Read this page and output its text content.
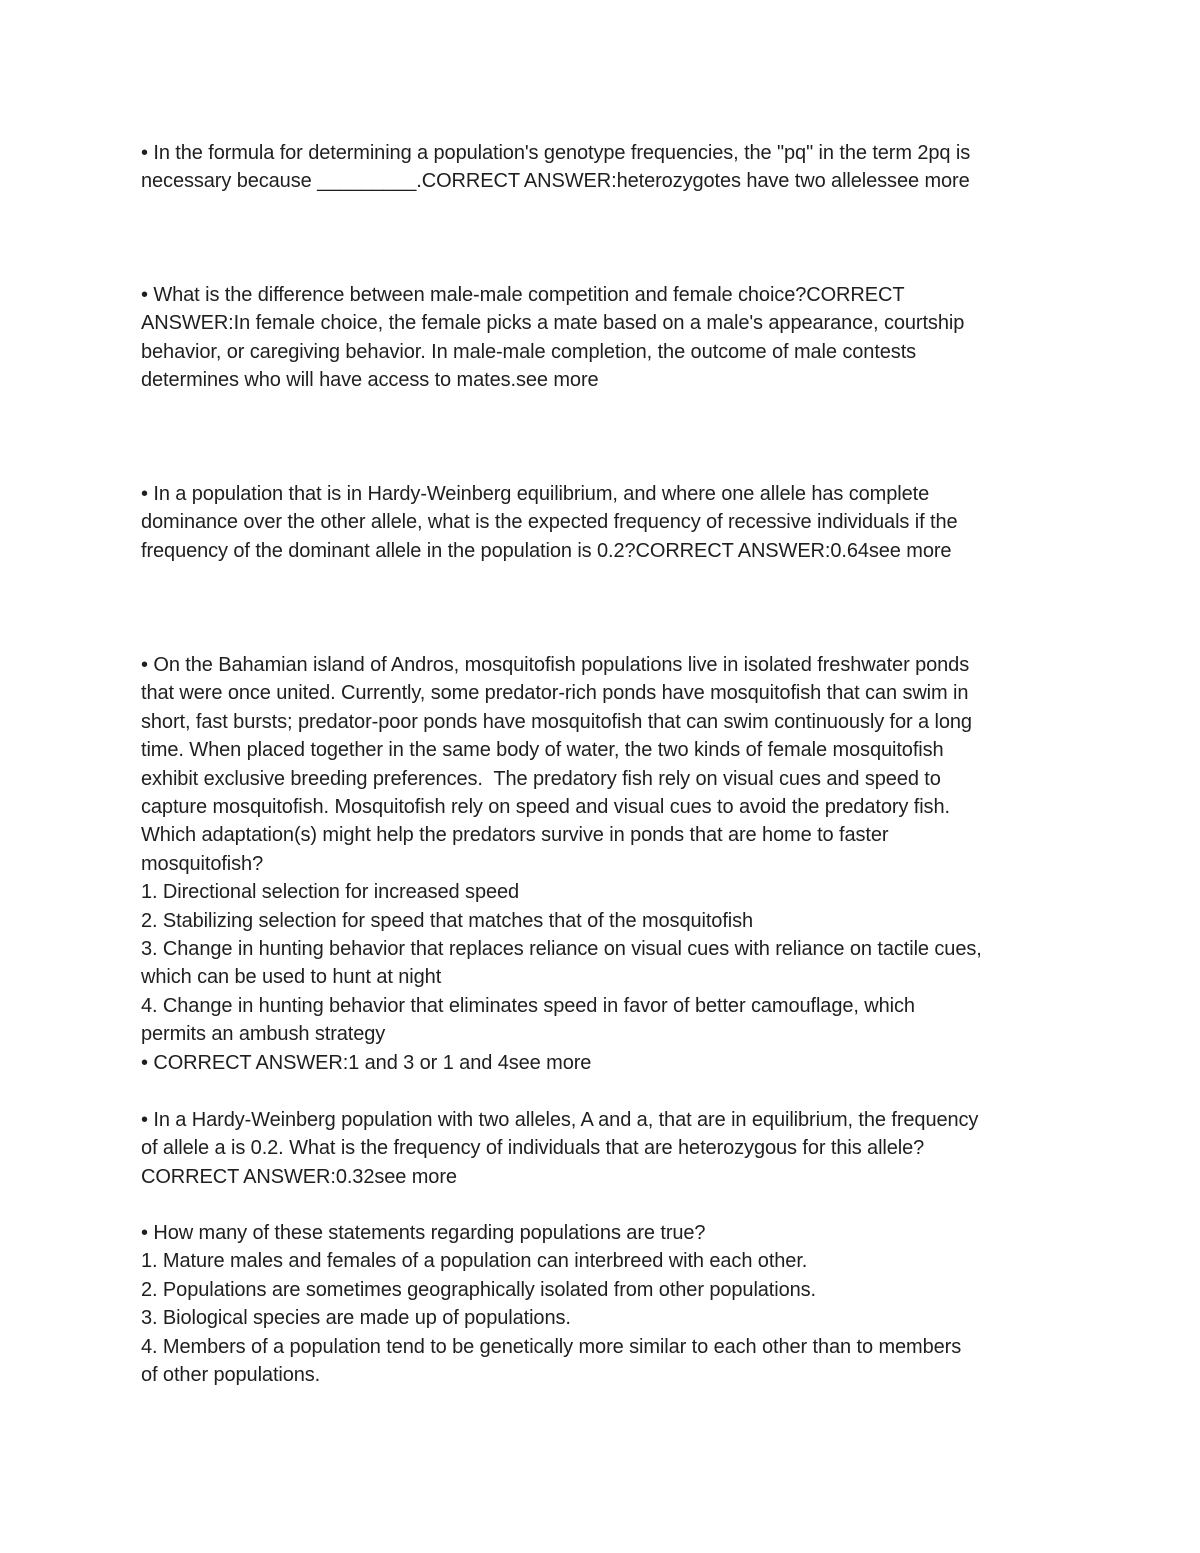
• In the formula for determining a population's genotype frequencies, the "pq" in the term 2pq is
necessary because _________.CORRECT ANSWER:heterozygotes have two allelessee more
• What is the difference between male-male competition and female choice?CORRECT
ANSWER:In female choice, the female picks a mate based on a male's appearance, courtship
behavior, or caregiving behavior. In male-male completion, the outcome of male contests
determines who will have access to mates.see more
• In a population that is in Hardy-Weinberg equilibrium, and where one allele has complete
dominance over the other allele, what is the expected frequency of recessive individuals if the
frequency of the dominant allele in the population is 0.2?CORRECT ANSWER:0.64see more
• On the Bahamian island of Andros, mosquitofish populations live in isolated freshwater ponds
that were once united. Currently, some predator-rich ponds have mosquitofish that can swim in
short, fast bursts; predator-poor ponds have mosquitofish that can swim continuously for a long
time. When placed together in the same body of water, the two kinds of female mosquitofish
exhibit exclusive breeding preferences.  The predatory fish rely on visual cues and speed to
capture mosquitofish. Mosquitofish rely on speed and visual cues to avoid the predatory fish.
Which adaptation(s) might help the predators survive in ponds that are home to faster
mosquitofish?
1. Directional selection for increased speed
2. Stabilizing selection for speed that matches that of the mosquitofish
3. Change in hunting behavior that replaces reliance on visual cues with reliance on tactile cues,
which can be used to hunt at night
4. Change in hunting behavior that eliminates speed in favor of better camouflage, which
permits an ambush strategy
• CORRECT ANSWER:1 and 3 or 1 and 4see more
• In a Hardy-Weinberg population with two alleles, A and a, that are in equilibrium, the frequency
of allele a is 0.2. What is the frequency of individuals that are heterozygous for this allele?
CORRECT ANSWER:0.32see more
• How many of these statements regarding populations are true?
1. Mature males and females of a population can interbreed with each other.
2. Populations are sometimes geographically isolated from other populations.
3. Biological species are made up of populations.
4. Members of a population tend to be genetically more similar to each other than to members
of other populations.
